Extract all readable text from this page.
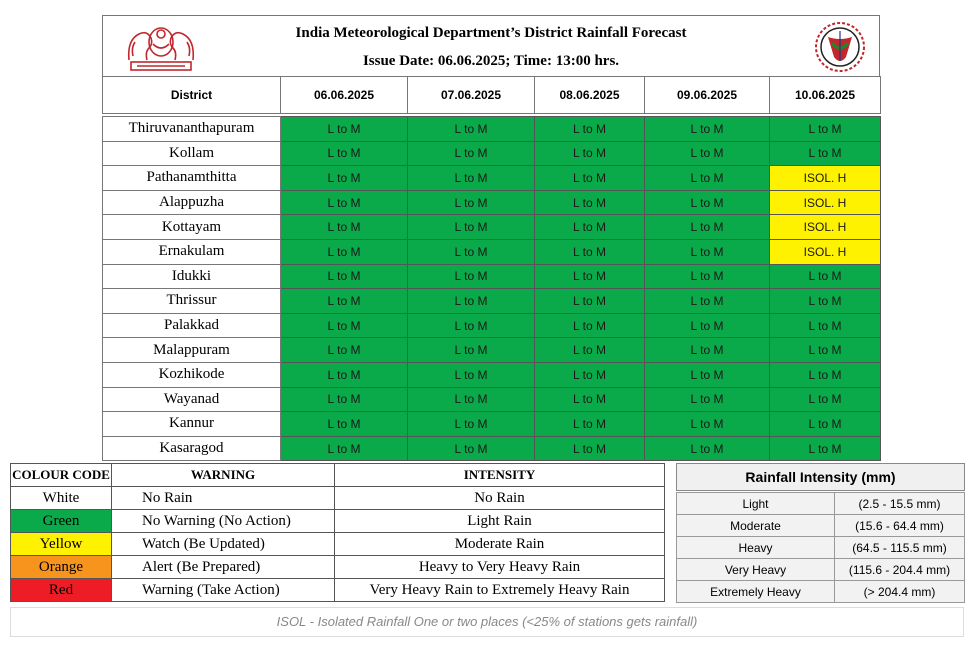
India Meteorological Department’s District Rainfall Forecast
Issue Date: 06.06.2025; Time: 13:00 hrs.
District	06.06.2025	07.06.2025	08.06.2025	09.06.2025	10.06.2025

Thiruvananthapuram	L to M	L to M	L to M	L to M	L to M
Kollam	L to M	L to M	L to M	L to M	L to M
Pathanamthitta	L to M	L to M	L to M	L to M	ISOL. H
Alappuzha	L to M	L to M	L to M	L to M	ISOL. H
Kottayam	L to M	L to M	L to M	L to M	ISOL. H
Ernakulam	L to M	L to M	L to M	L to M	ISOL. H
Idukki	L to M	L to M	L to M	L to M	L to M
Thrissur	L to M	L to M	L to M	L to M	L to M
Palakkad	L to M	L to M	L to M	L to M	L to M
Malappuram	L to M	L to M	L to M	L to M	L to M
Kozhikode	L to M	L to M	L to M	L to M	L to M
Wayanad	L to M	L to M	L to M	L to M	L to M
Kannur	L to M	L to M	L to M	L to M	L to M
Kasaragod	L to M	L to M	L to M	L to M	L to M
COLOUR CODE	WARNING	INTENSITY
White	No Rain	No Rain
Green	No Warning (No Action)	Light Rain
Yellow	Watch (Be Updated)	Moderate Rain
Orange	Alert (Be Prepared)	Heavy to Very Heavy Rain
Red	Warning (Take Action)	Very Heavy Rain to Extremely Heavy Rain
Rainfall Intensity (mm)	

Light	(2.5 - 15.5 mm)
Moderate	(15.6 - 64.4 mm)
Heavy	(64.5 - 115.5 mm)
Very Heavy	(115.6 - 204.4 mm)
Extremely Heavy	(> 204.4 mm)
ISOL - Isolated Rainfall One or two places (<25% of stations gets rainfall)
